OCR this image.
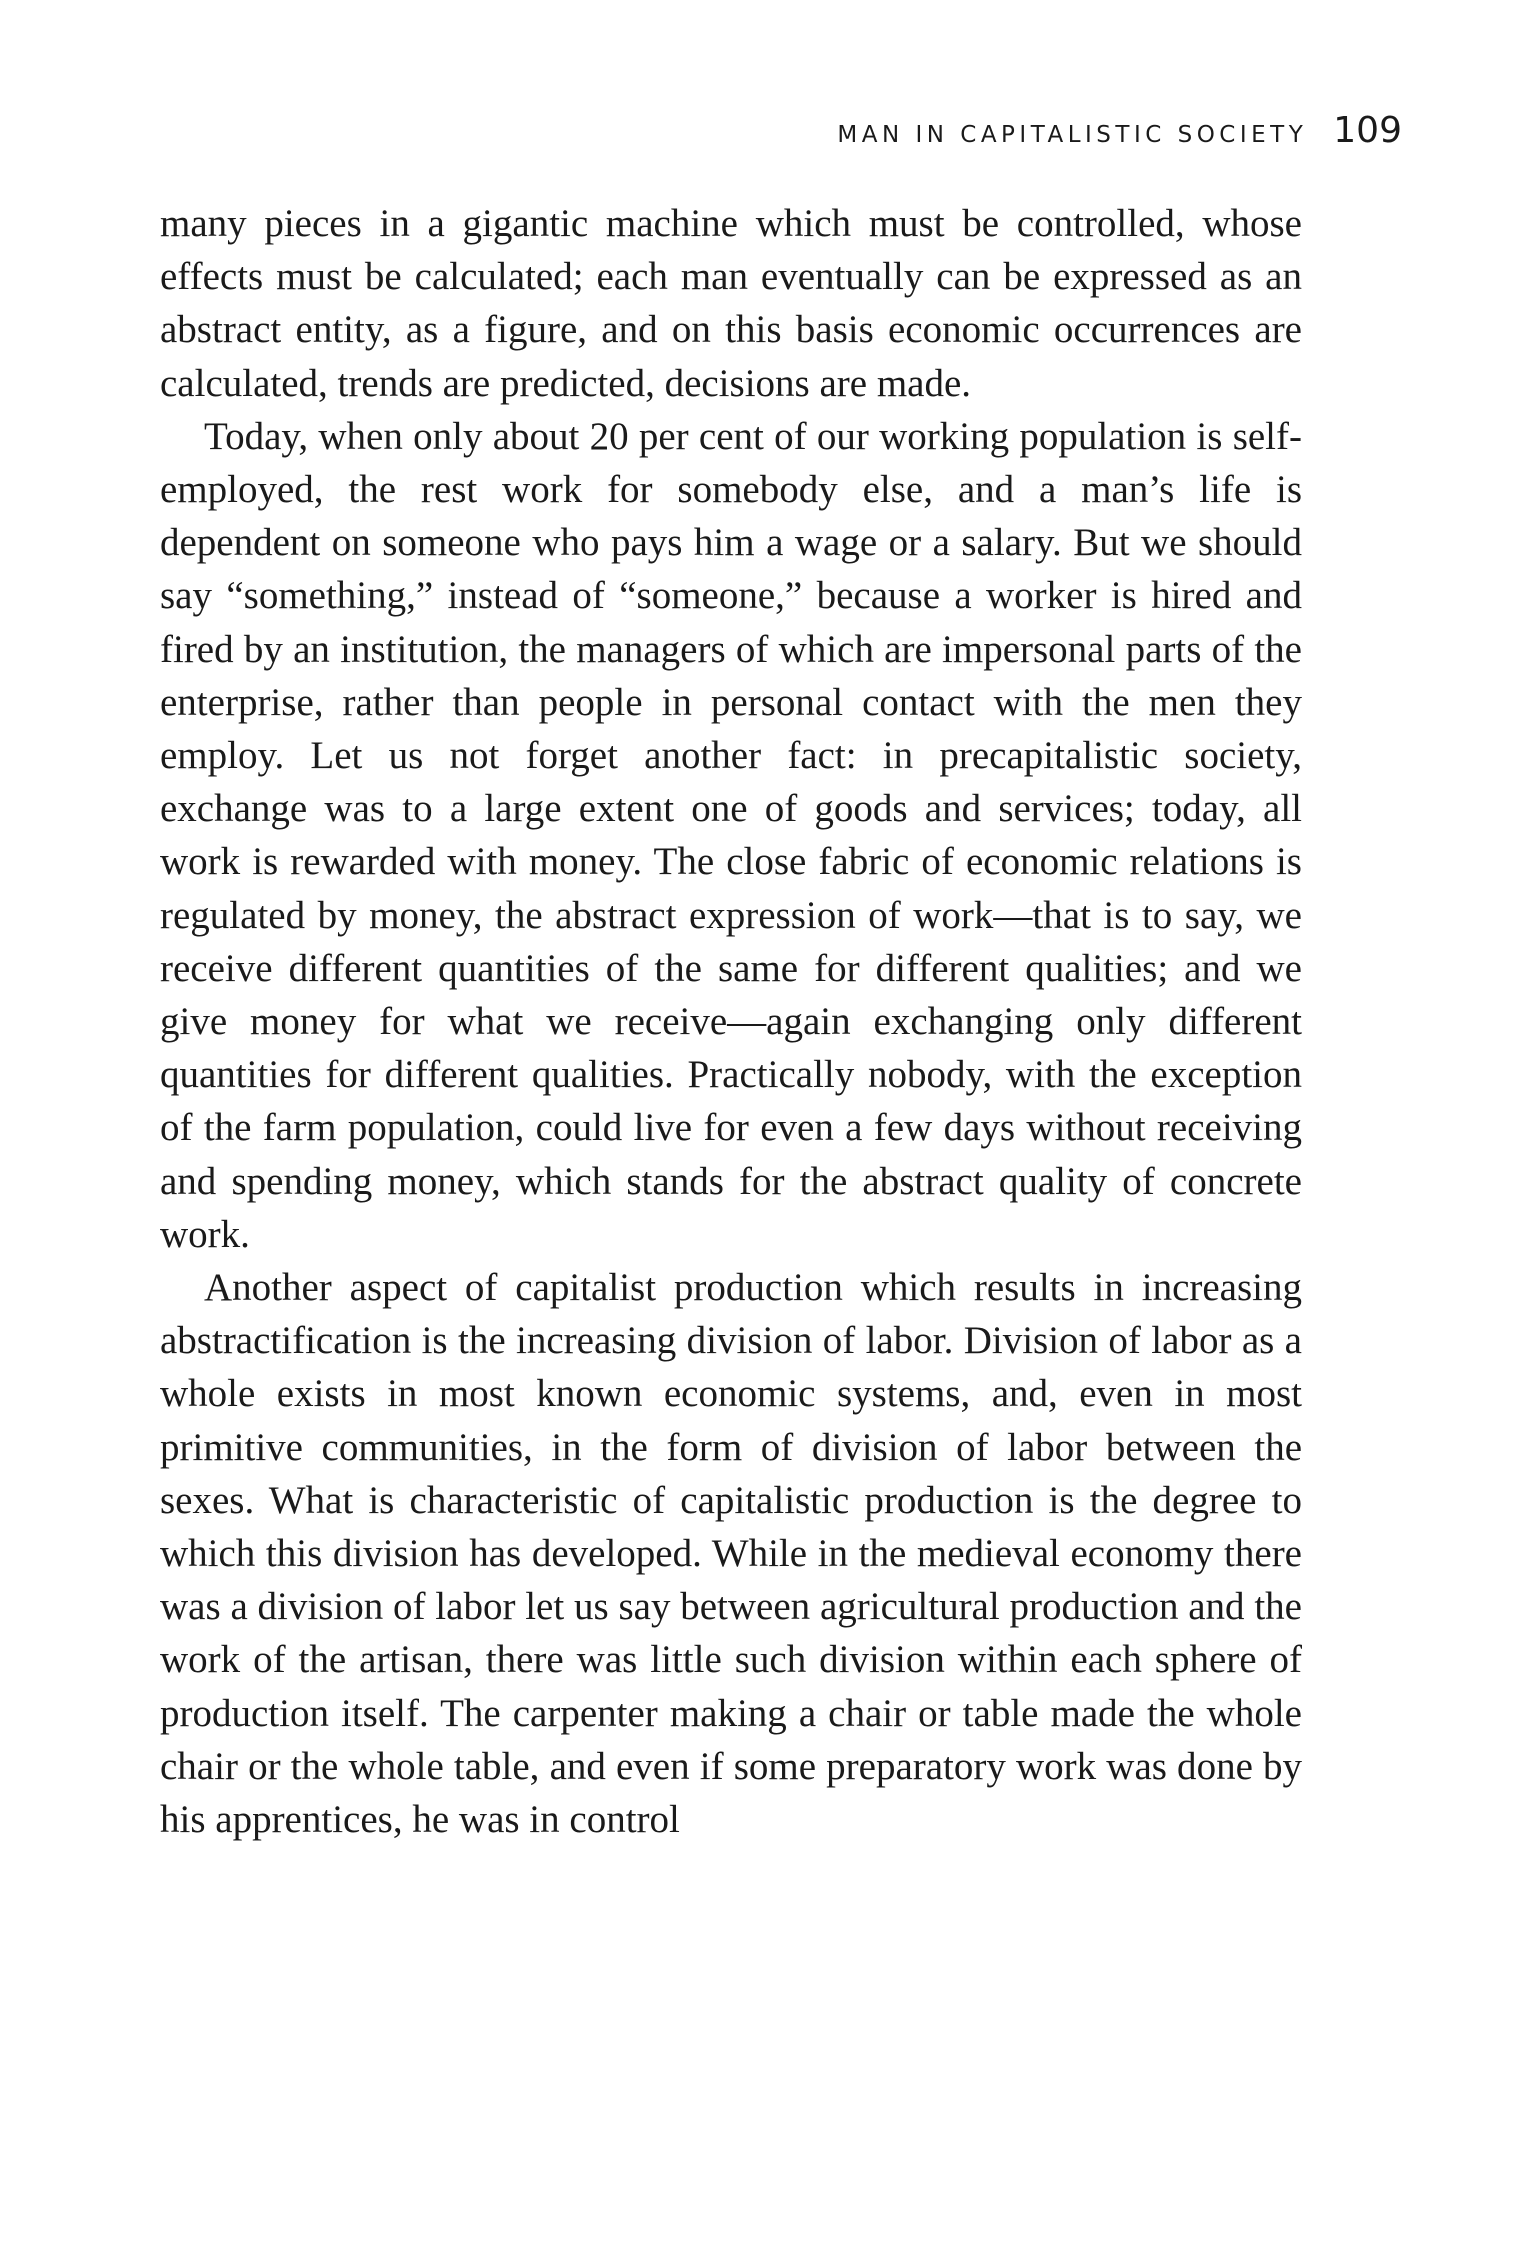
MAN IN CAPITALISTIC SOCIETY 109

many pieces in a gigantic machine which must be controlled, whose effects must be calculated; each man eventually can be expressed as an abstract entity, as a figure, and on this basis economic occurrences are calculated, trends are predicted, decisions are made.

Today, when only about 20 per cent of our working population is self-employed, the rest work for somebody else, and a man’s life is dependent on someone who pays him a wage or a salary. But we should say “something,” instead of “someone,” because a worker is hired and fired by an institution, the managers of which are impersonal parts of the enterprise, rather than people in personal contact with the men they employ. Let us not forget another fact: in precapitalistic society, exchange was to a large extent one of goods and services; today, all work is rewarded with money. The close fabric of economic relations is regulated by money, the abstract expression of work—that is to say, we receive different quantities of the same for different qualities; and we give money for what we receive—again exchanging only different quantities for different qualities. Practically nobody, with the exception of the farm population, could live for even a few days without receiving and spending money, which stands for the abstract quality of concrete work.

Another aspect of capitalist production which results in increasing abstractification is the increasing division of labor. Division of labor as a whole exists in most known economic systems, and, even in most primitive communities, in the form of division of labor between the sexes. What is characteristic of capitalistic production is the degree to which this division has developed. While in the medieval economy there was a division of labor let us say between agricultural production and the work of the artisan, there was little such division within each sphere of production itself. The carpenter making a chair or table made the whole chair or the whole table, and even if some preparatory work was done by his apprentices, he was in control
